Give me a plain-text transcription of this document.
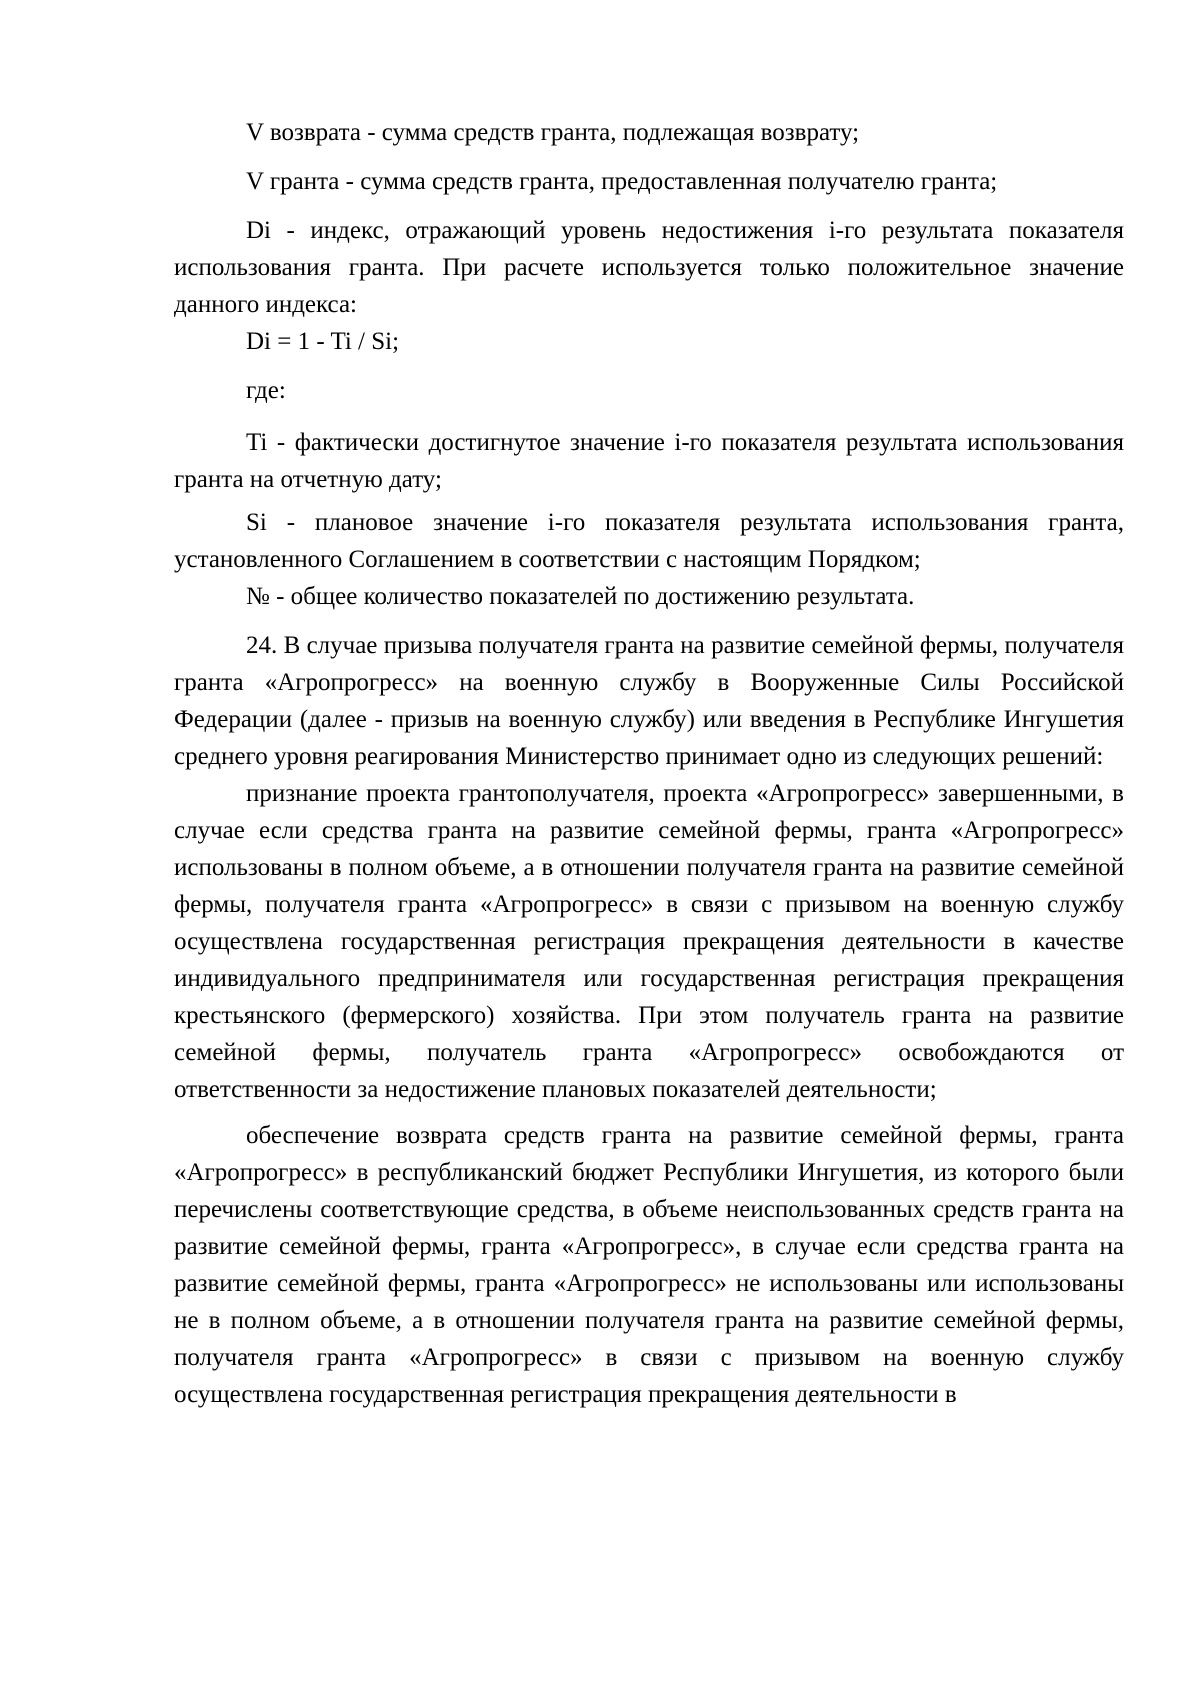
V возврата - сумма средств гранта, подлежащая возврату;

V гранта - сумма средств гранта, предоставленная получателю гранта;

Di - индекс, отражающий уровень недостижения i-го результата показателя использования гранта. При расчете используется только положительное значение данного индекса:

Di = 1 - Ti / Si;

где:

Ti - фактически достигнутое значение i-го показателя результата использования гранта на отчетную дату;

Si - плановое значение i-го показателя результата использования гранта, установленного Соглашением в соответствии с настоящим Порядком;

№ - общее количество показателей по достижению результата.

24. В случае призыва получателя гранта на развитие семейной фермы, получателя гранта «Агропрогресс» на военную службу в Вооруженные Силы Российской Федерации (далее - призыв на военную службу) или введения в Республике Ингушетия среднего уровня реагирования Министерство принимает одно из следующих решений:

признание проекта грантополучателя, проекта «Агропрогресс» завершенными, в случае если средства гранта на развитие семейной фермы, гранта «Агропрогресс» использованы в полном объеме, а в отношении получателя гранта на развитие семейной фермы, получателя гранта «Агропрогресс» в связи с призывом на военную службу осуществлена государственная регистрация прекращения деятельности в качестве индивидуального предпринимателя или государственная регистрация прекращения крестьянского (фермерского) хозяйства. При этом получатель гранта на развитие семейной фермы, получатель гранта «Агропрогресс» освобождаются от ответственности за недостижение плановых показателей деятельности;

обеспечение возврата средств гранта на развитие семейной фермы, гранта «Агропрогресс» в республиканский бюджет Республики Ингушетия, из которого были перечислены соответствующие средства, в объеме неиспользованных средств гранта на развитие семейной фермы, гранта «Агропрогресс», в случае если средства гранта на развитие семейной фермы, гранта «Агропрогресс» не использованы или использованы не в полном объеме, а в отношении получателя гранта на развитие семейной фермы, получателя гранта «Агропрогресс» в связи с призывом на военную службу осуществлена государственная регистрация прекращения деятельности в
